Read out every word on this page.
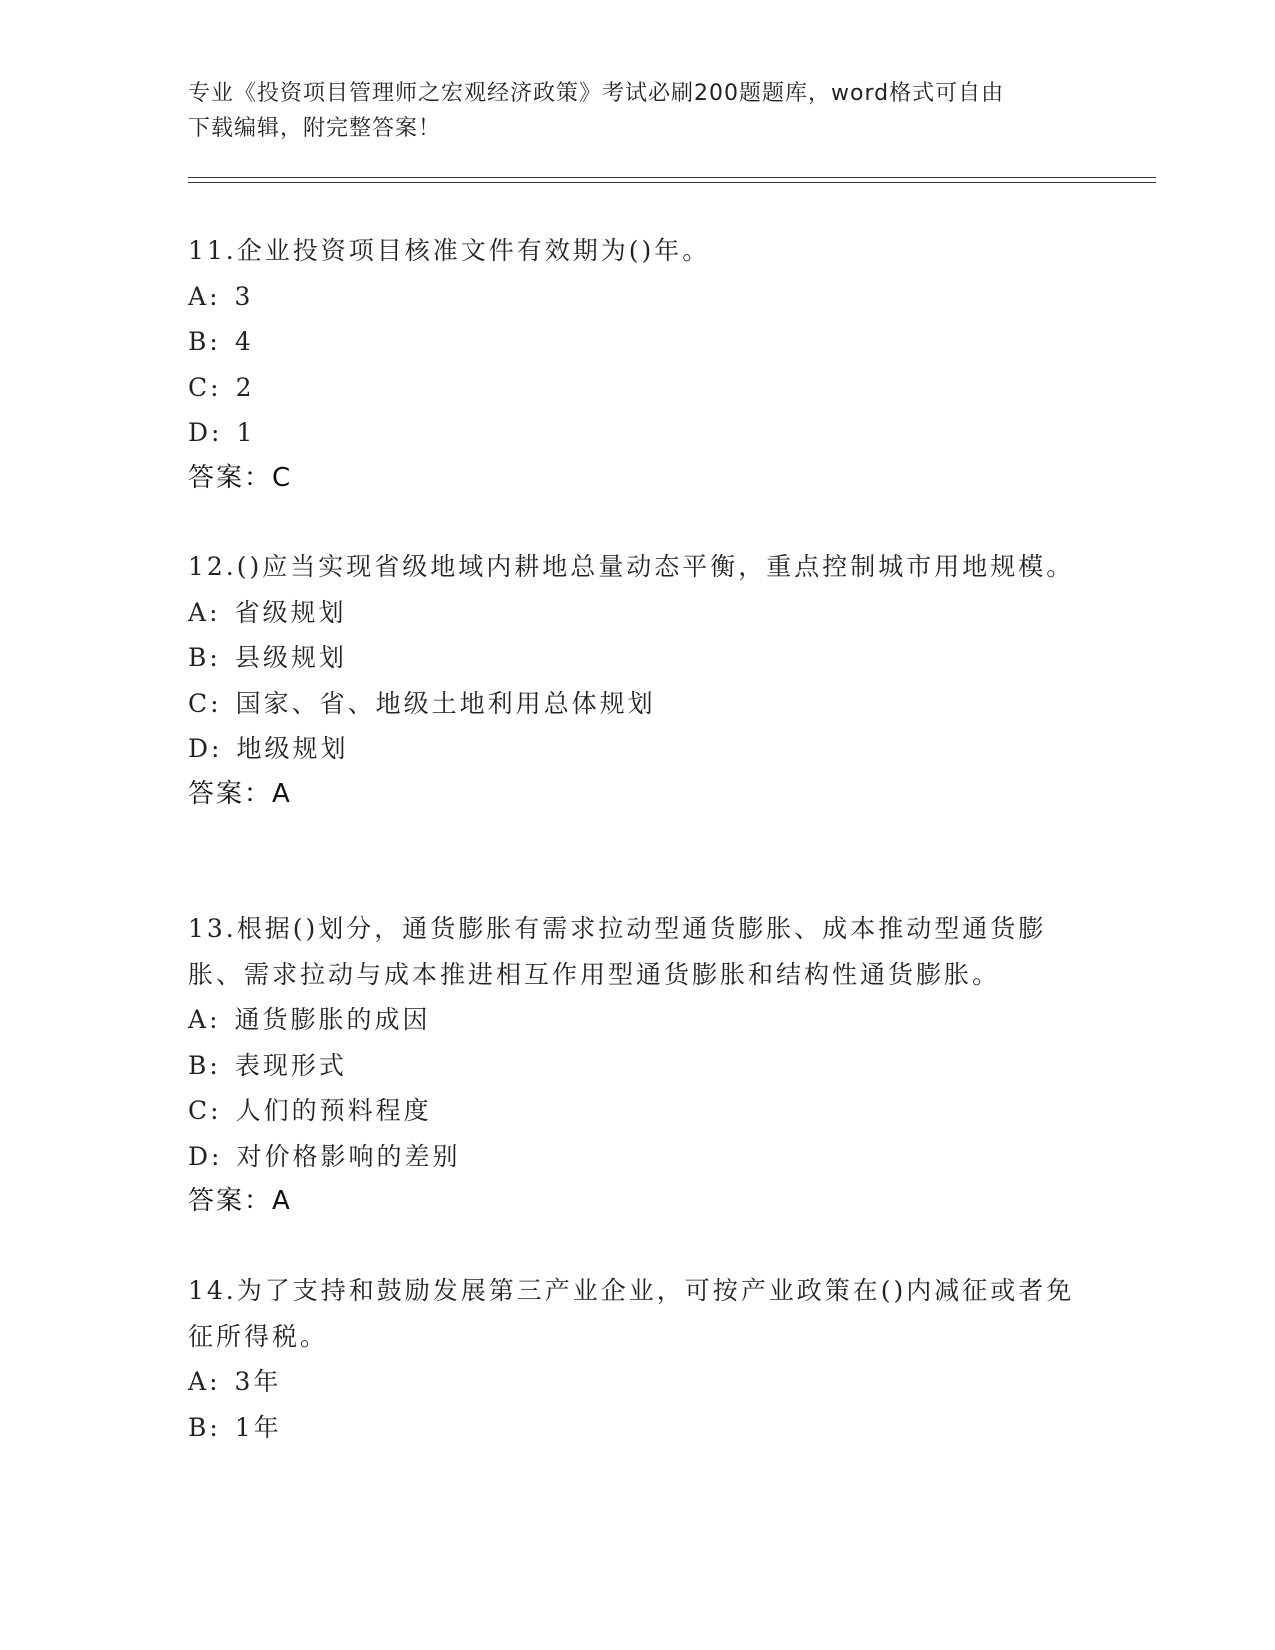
专业《投资项目管理师之宏观经济政策》考试必刷200题题库，word格式可自由
下载编辑，附完整答案！

11.企业投资项目核准文件有效期为()年。

A: 3
B: 4
C: 2
D: 1
答案：C

12.()应当实现省级地域内耕地总量动态平衡，重点控制城市用地规模。

A: 省级规划
B: 县级规划
C: 国家、省、地级土地利用总体规划
D: 地级规划
答案：A

13.根据()划分，通货膨胀有需求拉动型通货膨胀、成本推动型通货膨胀、需求拉动与成本推进相互作用型通货膨胀和结构性通货膨胀。

A: 通货膨胀的成因
B: 表现形式
C: 人们的预料程度
D: 对价格影响的差别
答案：A

14.为了支持和鼓励发展第三产业企业，可按产业政策在()内减征或者免征所得税。

A: 3年
B: 1年
